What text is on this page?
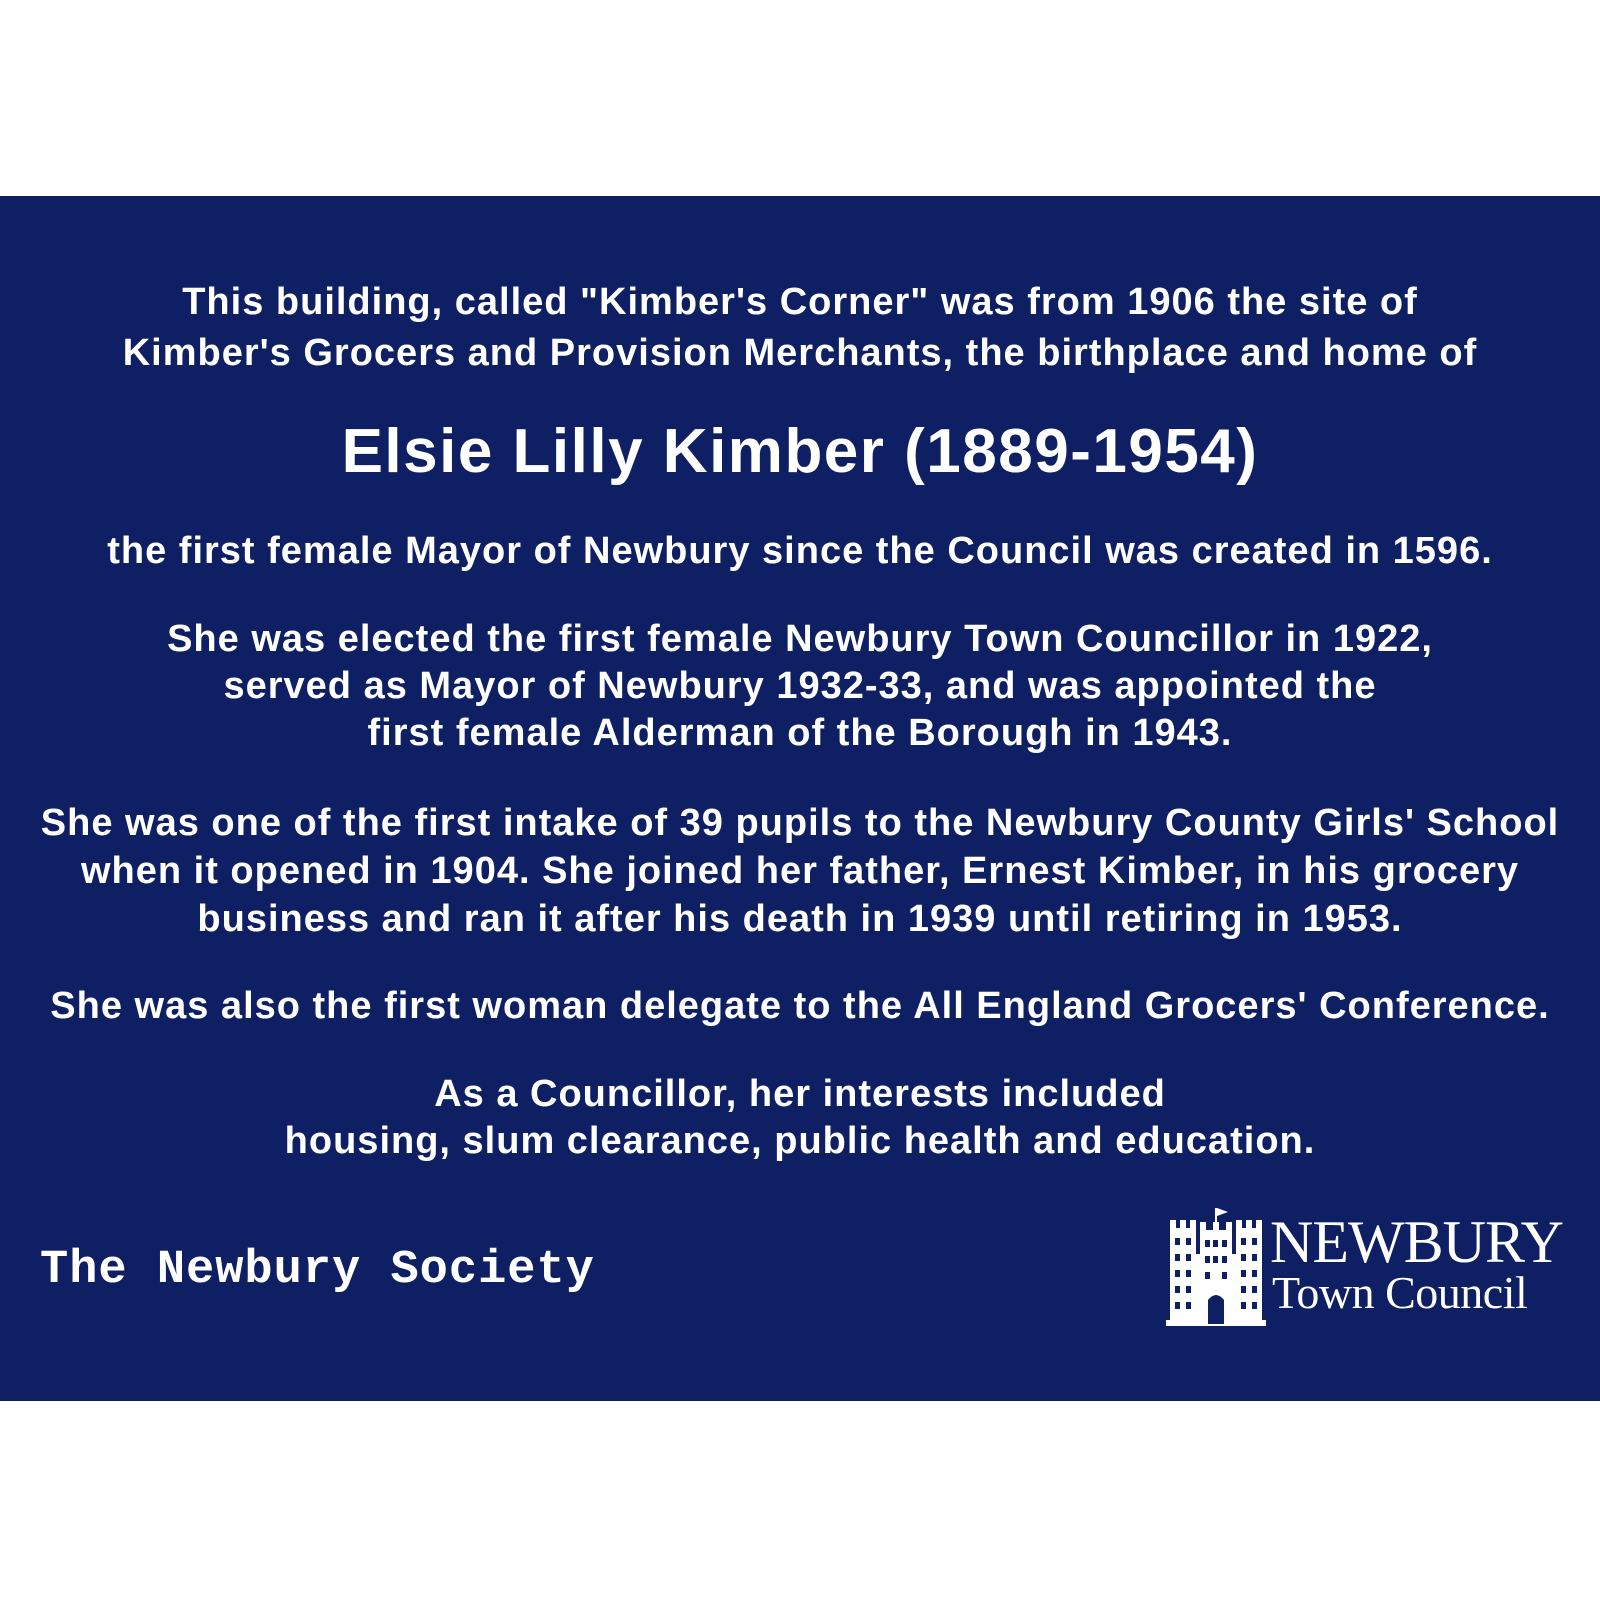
This building, called "Kimber's Corner" was from 1906 the site of
Kimber's Grocers and Provision Merchants, the birthplace and home of
Elsie Lilly Kimber (1889-1954)
the first female Mayor of Newbury since the Council was created in 1596.
She was elected the first female Newbury Town Councillor in 1922,
served as Mayor of Newbury 1932-33, and was appointed the
first female Alderman of the Borough in 1943.
She was one of the first intake of 39 pupils to the Newbury County Girls' School
when it opened in 1904. She joined her father, Ernest Kimber, in his grocery
business and ran it after his death in 1939 until retiring in 1953.
She was also the first woman delegate to the All England Grocers' Conference.
As a Councillor, her interests included
housing, slum clearance, public health and education.
The Newbury Society	NEWBURY
Town Council
